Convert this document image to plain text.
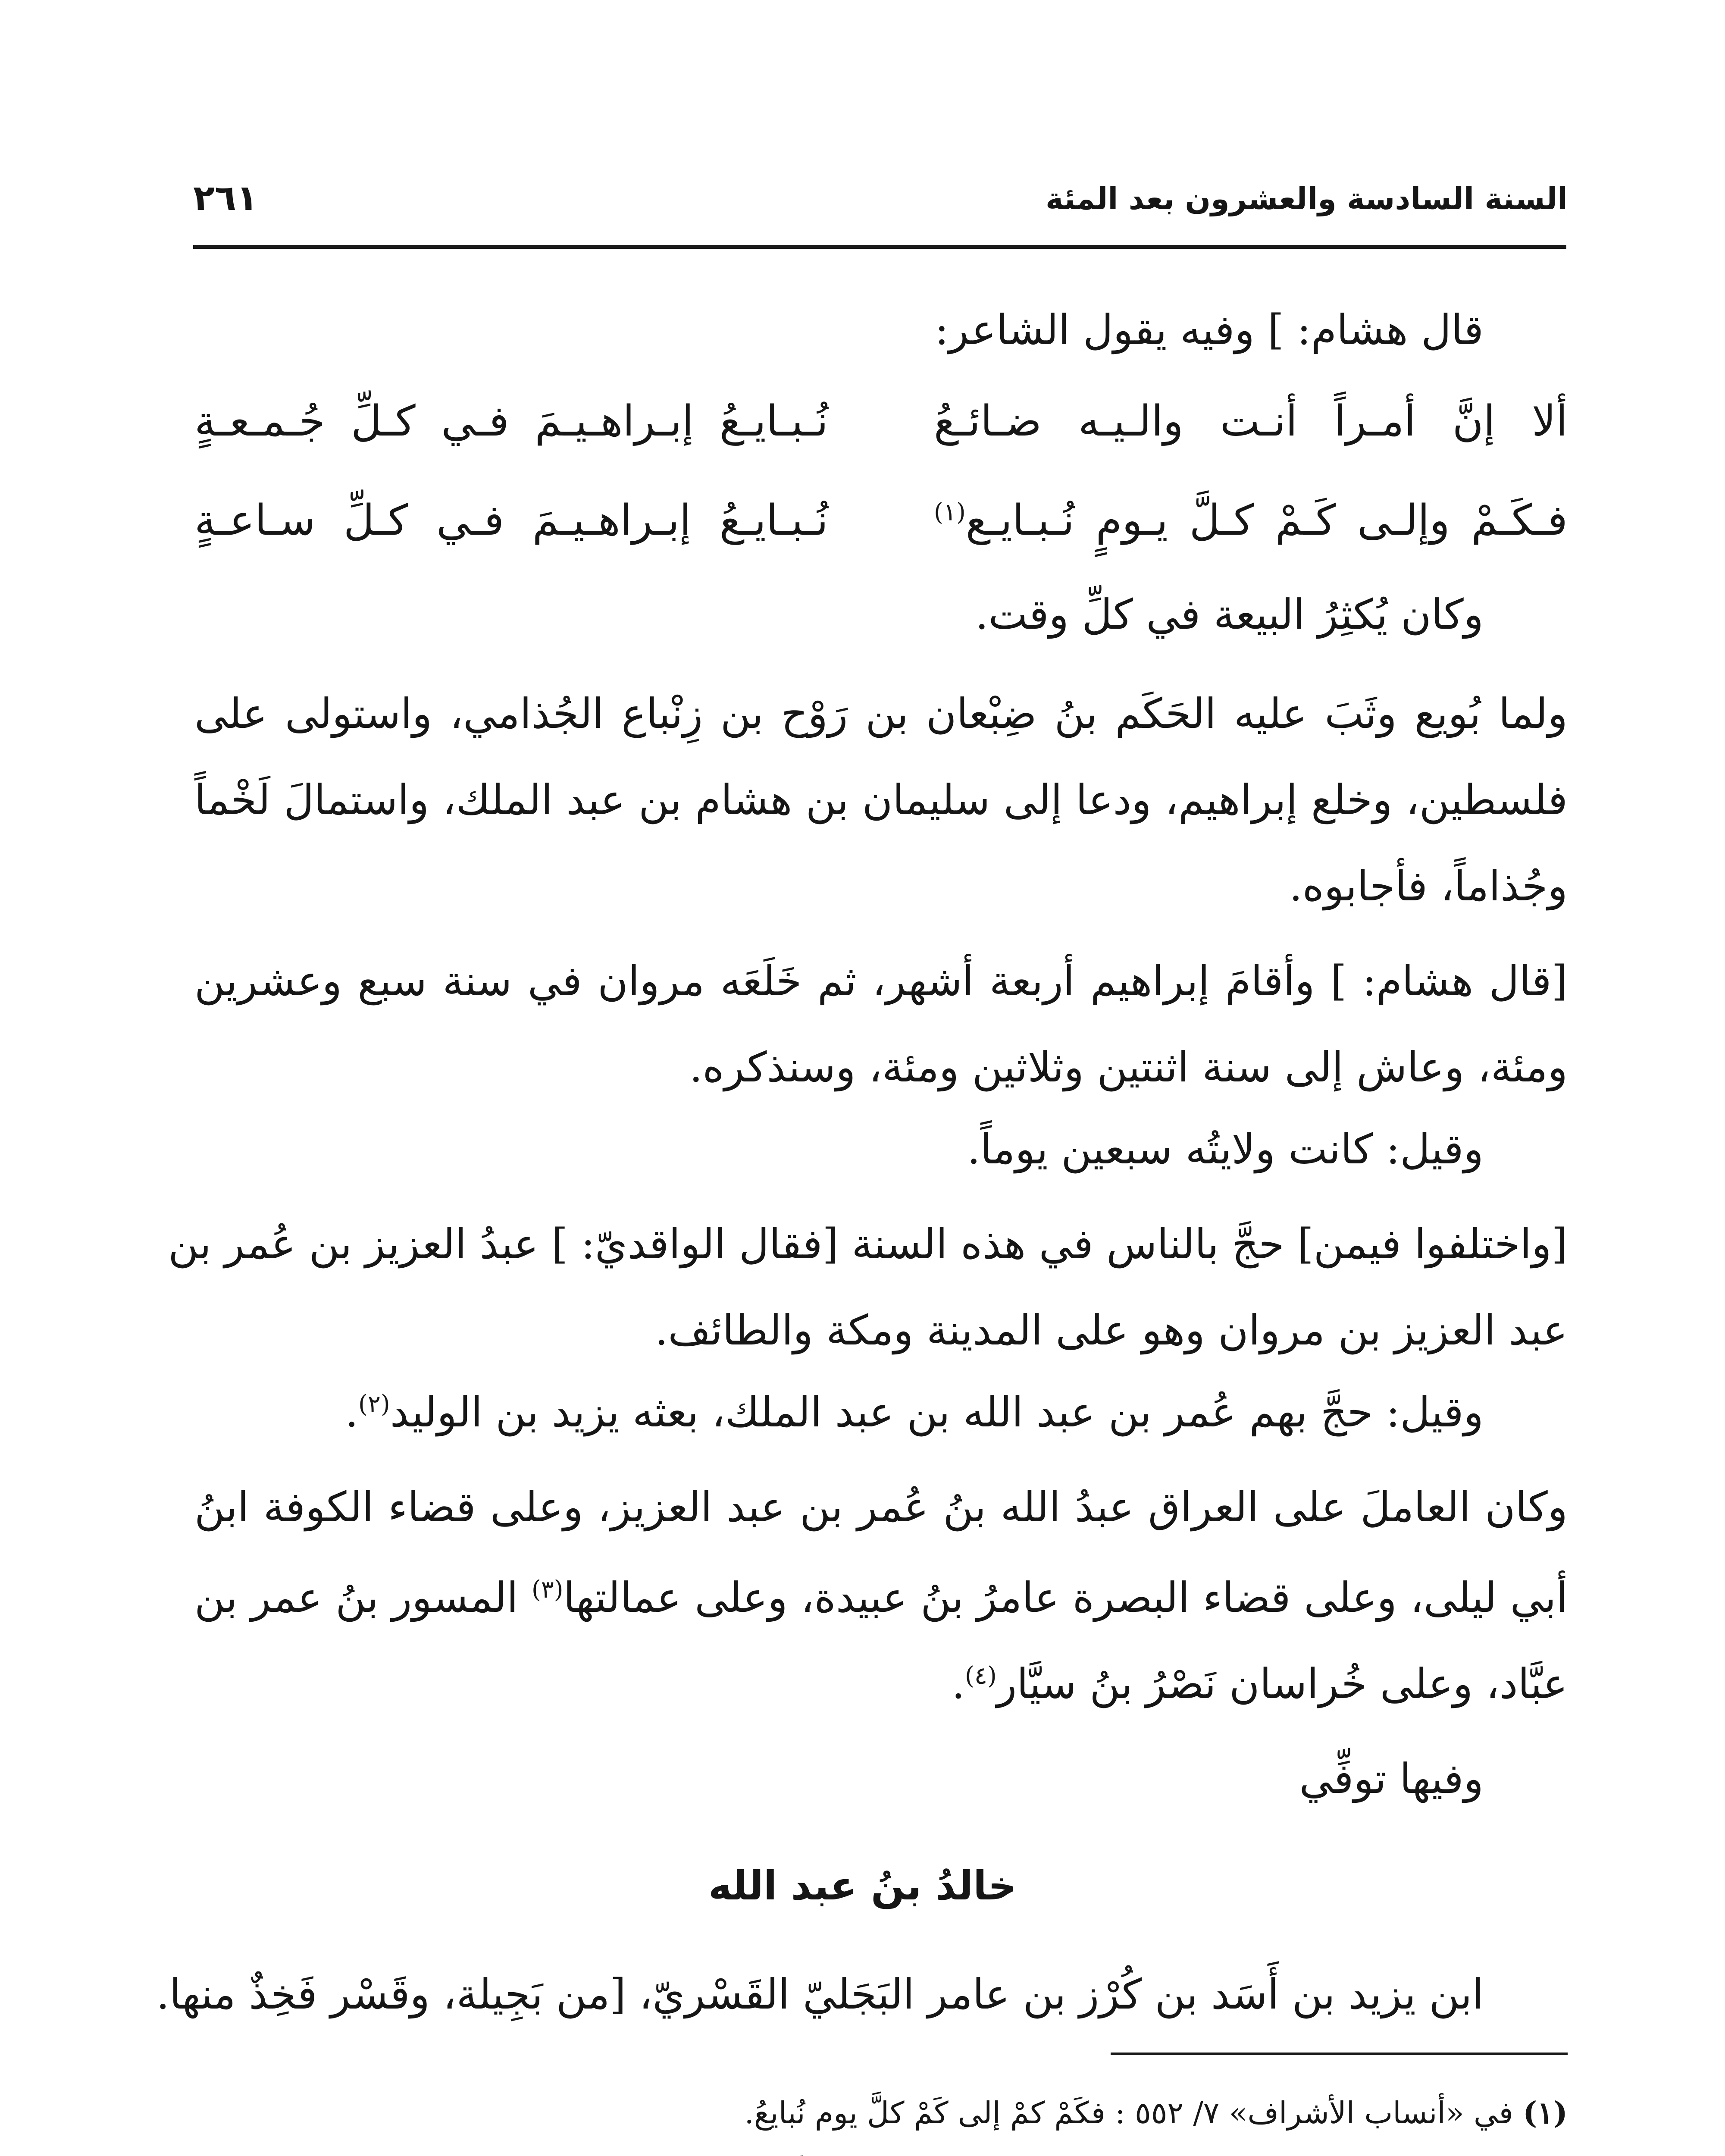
السنة السادسة والعشرون بعد المئة
٢٦١
قال هشام: ] وفيه يقول الشاعر:
ألا إنَّ أمـراً أنـت والـيـه ضـائـعُ
نُـبـايـعُ إبـراهـيـمَ فـي كـلِّ جُـمـعـةٍ
فـكَـمْ وإلـى كَـمْ كـلَّ يـومٍ نُـبـايـع$^{(١)}$
نُـبـايـعُ إبـراهـيـمَ فـي كـلِّ سـاعـةٍ
وكان يُكثِرُ البيعة في كلِّ وقت.
ولما بُويع وثَبَ عليه الحَكَم بنُ ضِبْعان بن رَوْح بن زِنْباع الجُذامي، واستولى على
فلسطين، وخلع إبراهيم، ودعا إلى سليمان بن هشام بن عبد الملك، واستمالَ لَخْماً
وجُذاماً، فأجابوه.
[قال هشام: ] وأقامَ إبراهيم أربعة أشهر، ثم خَلَعَه مروان في سنة سبع وعشرين
ومئة، وعاش إلى سنة اثنتين وثلاثين ومئة، وسنذكره.
وقيل: كانت ولايتُه سبعين يوماً.
[واختلفوا فيمن] حجَّ بالناس في هذه السنة [فقال الواقديّ: ] عبدُ العزيز بن عُمر بن
عبد العزيز بن مروان وهو على المدينة ومكة والطائف.
وقيل: حجَّ بهم عُمر بن عبد الله بن عبد الملك، بعثه يزيد بن الوليد$^{(٢)}$.
وكان العاملَ على العراق عبدُ الله بنُ عُمر بن عبد العزيز، وعلى قضاء الكوفة ابنُ
أبي ليلى، وعلى قضاء البصرة عامرُ بنُ عبيدة، وعلى عمالتها$^{(٣)}$ المسور بنُ عمر بن
عبَّاد، وعلى خُراسان نَصْرُ بنُ سيَّار$^{(٤)}$.
وفيها توفِّي
خالدُ بنُ عبد الله
ابن يزيد بن أَسَد بن كُرْز بن عامر البَجَليّ القَسْريّ، [من بَجِيلة، وقَسْر فَخِذٌ منها.
(١) في «أنساب الأشراف» ٧/ ٥٥٢ : فكَمْ كمْ إلى كَمْ كلَّ يوم نُبايعُ.
